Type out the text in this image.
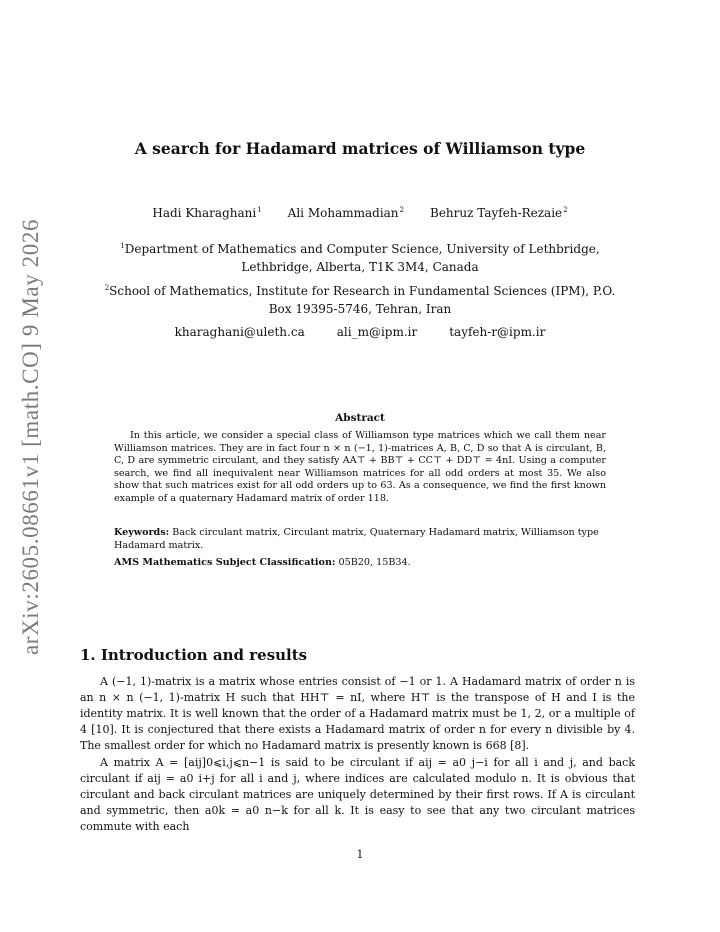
arXiv:2605.08661v1 [math.CO] 9 May 2026
A search for Hadamard matrices of Williamson type
Hadi Kharaghani$^1$ Ali Mohammadian$^2$ Behruz Tayfeh-Rezaie$^2$
$^1$Department of Mathematics and Computer Science, University of Lethbridge, Lethbridge, Alberta, T1K 3M4, Canada
$^2$School of Mathematics, Institute for Research in Fundamental Sciences (IPM), P.O. Box 19395-5746, Tehran, Iran
kharaghani@uleth.ca	ali_m@ipm.ir	tayfeh-r@ipm.ir
Abstract

In this article, we consider a special class of Williamson type matrices which we call them near Williamson matrices. They are in fact four n × n (−1, 1)-matrices A, B, C, D so that A is circulant, B, C, D are symmetric circulant, and they satisfy AA⊤ + BB⊤ + CC⊤ + DD⊤ = 4nI. Using a computer search, we find all inequivalent near Williamson matrices for all odd orders at most 35. We also show that such matrices exist for all odd orders up to 63. As a consequence, we find the first known example of a quaternary Hadamard matrix of order 118.

Keywords: Back circulant matrix, Circulant matrix, Quaternary Hadamard matrix, Williamson type Hadamard matrix.

AMS Mathematics Subject Classification: 05B20, 15B34.

1. Introduction and results

A (−1, 1)-matrix is a matrix whose entries consist of −1 or 1. A Hadamard matrix of order n is an n × n (−1, 1)-matrix H such that HH⊤ = nI, where H⊤ is the transpose of H and I is the identity matrix. It is well known that the order of a Hadamard matrix must be 1, 2, or a multiple of 4 [10]. It is conjectured that there exists a Hadamard matrix of order n for every n divisible by 4. The smallest order for which no Hadamard matrix is presently known is 668 [8].

A matrix A = [aij]0⩽i,j⩽n−1 is said to be circulant if aij = a0 j−i for all i and j, and back circulant if aij = a0 i+j for all i and j, where indices are calculated modulo n. It is obvious that circulant and back circulant matrices are uniquely determined by their first rows. If A is circulant and symmetric, then a0k = a0 n−k for all k. It is easy to see that any two circulant matrices commute with each

1
